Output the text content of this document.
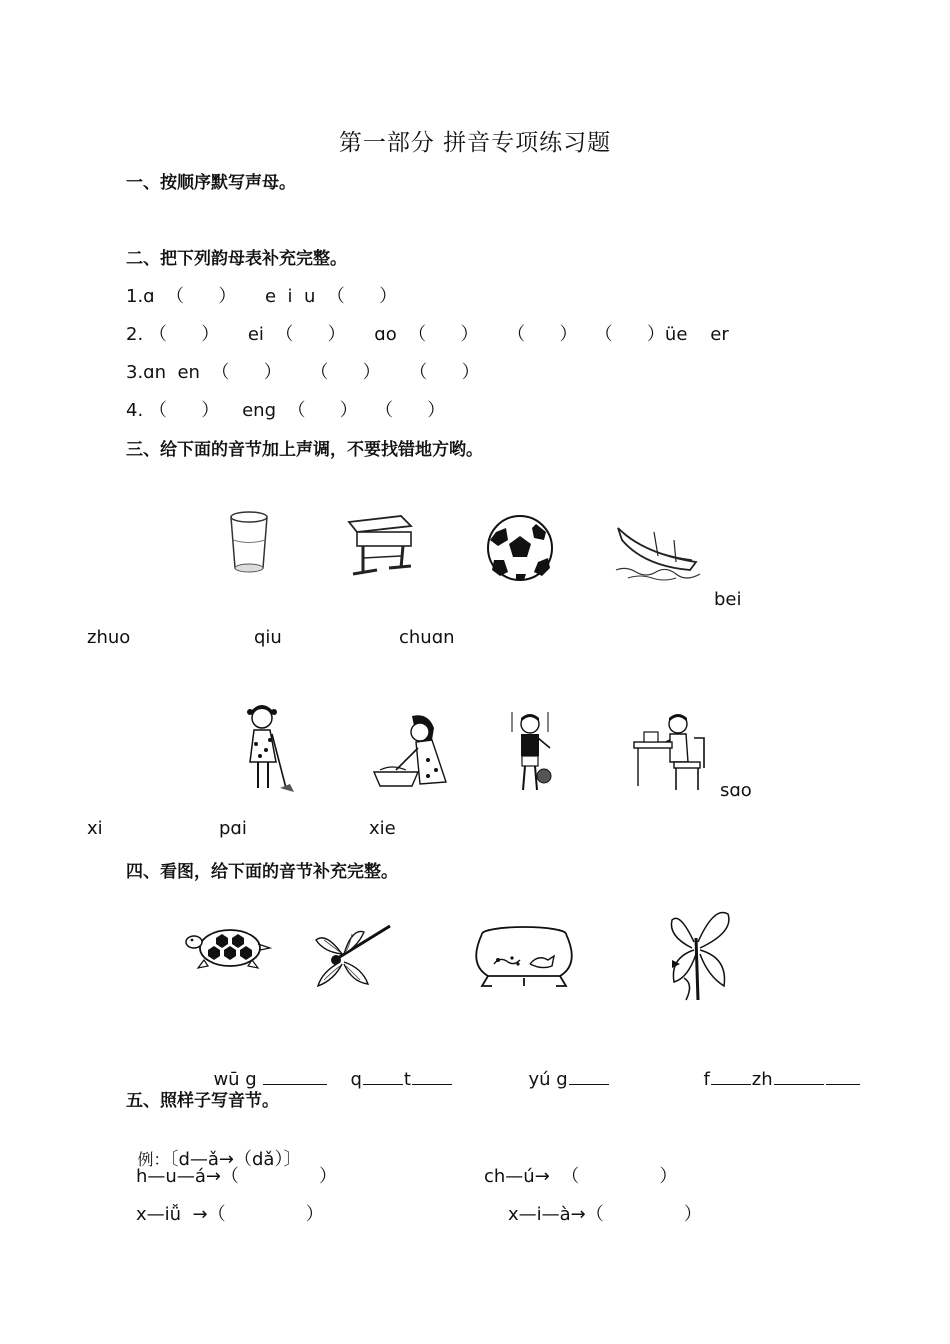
第一部分 拼音专项练习题
一、按顺序默写声母。
二、把下列韵母表补充完整。
1.ɑ  （      ）     e  i  u  （      ）
2. （      ）     ei  （      ）     ɑo  （      ）     （      ）   （      ）üe    er
3.ɑn  en  （      ）     （      ）     （      ）
4. （      ）    eng  （      ）   （      ）
三、给下面的音节加上声调，不要找错地方哟。
bei
zhuo	qiu	chuɑn
sɑo
xi	pɑi	xie
四、看图，给下面的音节补充完整。

wū g	q t	yú g	f zh

五、照样子写音节。

例：〔d—ǎ→（dǎ）〕

h—u—á→（              ）	ch—ú→  （              ）
x—iǚ  →（              ）	x—i—à→（              ）
